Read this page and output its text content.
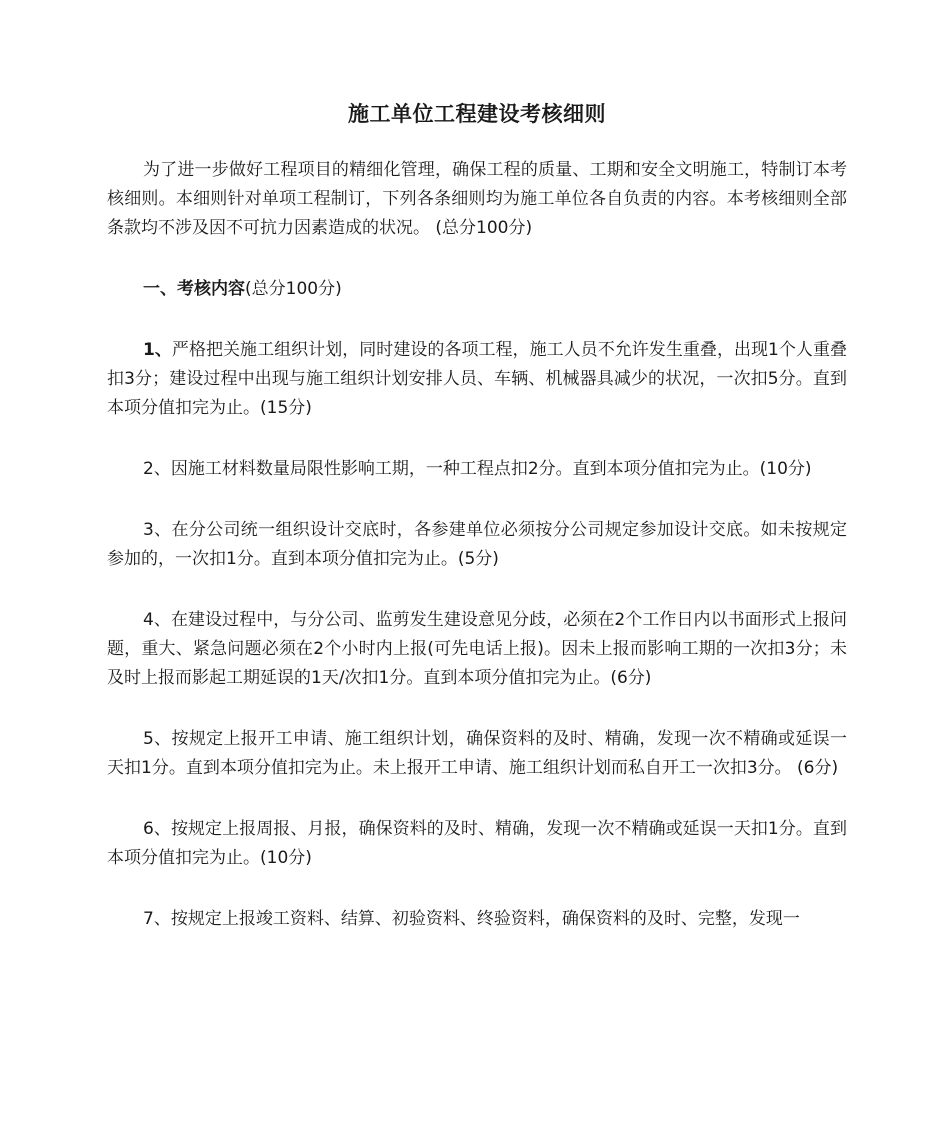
施工单位工程建设考核细则

为了进一步做好工程项目的精细化管理，确保工程的质量、工期和安全文明施工，特制订本考核细则。本细则针对单项工程制订，下列各条细则均为施工单位各自负责的内容。本考核细则全部条款均不涉及因不可抗力因素造成的状况。 (总分100分)

一、考核内容(总分100分)

1、严格把关施工组织计划，同时建设的各项工程，施工人员不允许发生重叠，出现1个人重叠扣3分；建设过程中出现与施工组织计划安排人员、车辆、机械器具减少的状况，一次扣5分。直到本项分值扣完为止。(15分)

2、因施工材料数量局限性影响工期，一种工程点扣2分。直到本项分值扣完为止。(10分)

3、在分公司统一组织设计交底时，各参建单位必须按分公司规定参加设计交底。如未按规定参加的，一次扣1分。直到本项分值扣完为止。(5分)

4、在建设过程中，与分公司、监剪发生建设意见分歧，必须在2个工作日内以书面形式上报问题，重大、紧急问题必须在2个小时内上报(可先电话上报)。因未上报而影响工期的一次扣3分；未及时上报而影起工期延误的1天/次扣1分。直到本项分值扣完为止。(6分)

5、按规定上报开工申请、施工组织计划，确保资料的及时、精确，发现一次不精确或延误一天扣1分。直到本项分值扣完为止。未上报开工申请、施工组织计划而私自开工一次扣3分。 (6分)

6、按规定上报周报、月报，确保资料的及时、精确，发现一次不精确或延误一天扣1分。直到本项分值扣完为止。(10分)

7、按规定上报竣工资料、结算、初验资料、终验资料，确保资料的及时、完整，发现一
